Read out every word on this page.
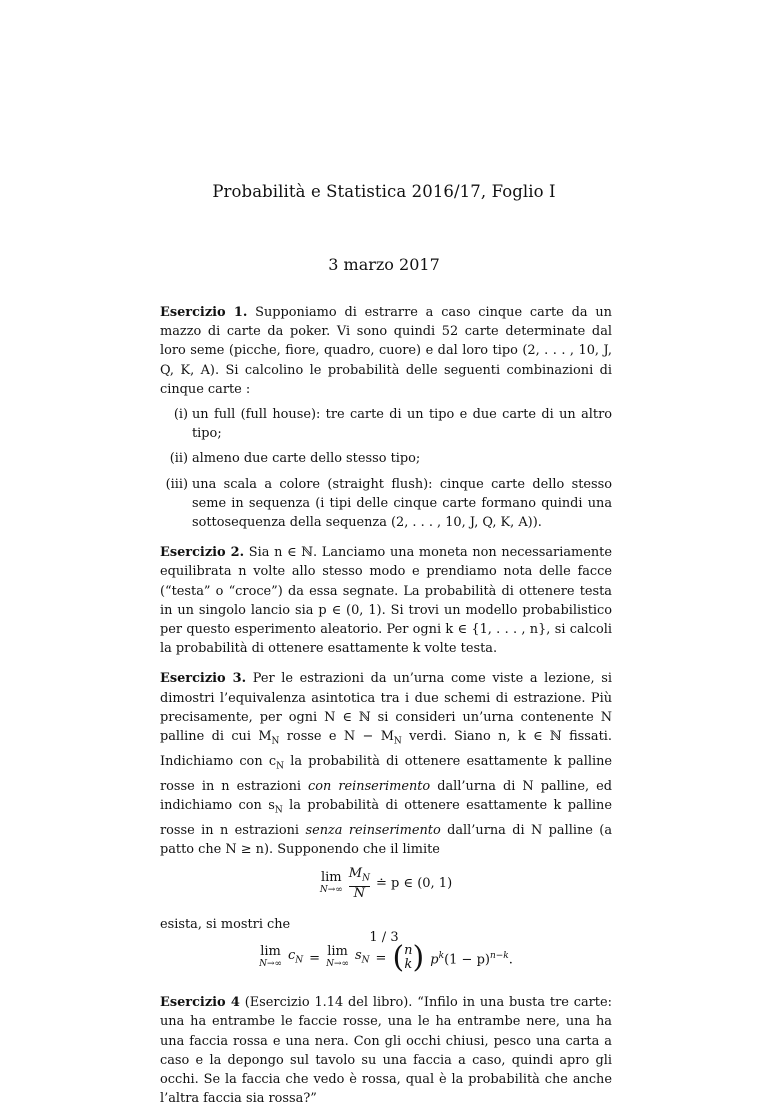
Probabilità e Statistica 2016/17, Foglio I
3 marzo 2017

Esercizio 1. Supponiamo di estrarre a caso cinque carte da un mazzo di carte da poker. Vi sono quindi 52 carte determinate dal loro seme (picche, fiore, quadro, cuore) e dal loro tipo (2, . . . , 10, J, Q, K, A). Si calcolino le probabilità delle seguenti combinazioni di cinque carte :

(i) un full (full house): tre carte di un tipo e due carte di un altro tipo;
(ii) almeno due carte dello stesso tipo;
(iii) una scala a colore (straight flush): cinque carte dello stesso seme in sequenza (i tipi delle cinque carte formano quindi una sottosequenza della sequenza (2, . . . , 10, J, Q, K, A)).

Esercizio 2. Sia n ∈ ℕ. Lanciamo una moneta non necessariamente equilibrata n volte allo stesso modo e prendiamo nota delle facce (“testa” o “croce”) da essa segnate. La probabilità di ottenere testa in un singolo lancio sia p ∈ (0, 1). Si trovi un modello probabilistico per questo esperimento aleatorio. Per ogni k ∈ {1, . . . , n}, si calcoli la probabilità di ottenere esattamente k volte testa.

Esercizio 3. Per le estrazioni da un’urna come viste a lezione, si dimostri l’equivalenza asintotica tra i due schemi di estrazione. Più precisamente, per ogni N ∈ ℕ si consideri un’urna contenente N palline di cui $M_N$ rosse e $N - M_N$ verdi. Siano n, k ∈ ℕ fissati. Indichiamo con $c_N$ la probabilità di ottenere esattamente k palline rosse in n estrazioni con reinserimento dall’urna di N palline, ed indichiamo con $s_N$ la probabilità di ottenere esattamente k palline rosse in n estrazioni senza reinserimento dall’urna di N palline (a patto che N ≥ n). Supponendo che il limite

lim
$N\to\infty \frac{M_N}{N}$ ≐ p ∈ (0, 1)

esista, si mostri che

lim
N→∞
$c_N = \lim$
N→∞
$s_N$ = ( n
k ) $p^k(1 - p)^{n-k}$.

Esercizio 4 (Esercizio 1.14 del libro). “Infilo in una busta tre carte: una ha entrambe le faccie rosse, una le ha entrambe nere, una ha una faccia rossa e una nera. Con gli occhi chiusi, pesco una carta a caso e la depongo sul tavolo su una faccia a caso, quindi apro gli occhi. Se la faccia che vedo è rossa, qual è la probabilità che anche l’altra faccia sia rossa?”

1 / 3
